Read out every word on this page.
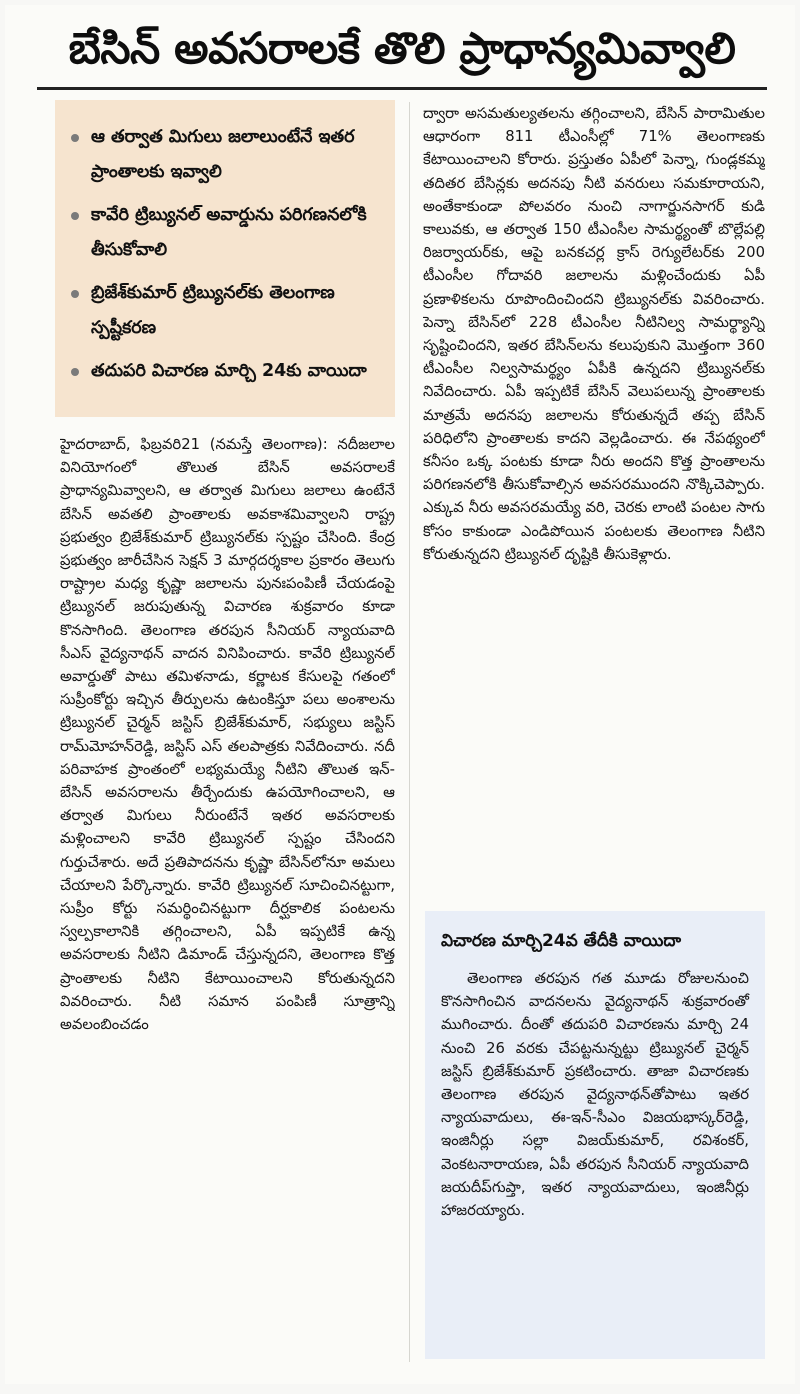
బేసిన్ అవసరాలకే తొలి ప్రాధాన్యమివ్వాలి
ఆ తర్వాత మిగులు జలాలుంటేనే ఇతర ప్రాంతాలకు ఇవ్వాలి
కావేరి ట్రిబ్యునల్ అవార్డును పరిగణనలోకి తీసుకోవాలి
బ్రిజేశ్‌కుమార్ ట్రిబ్యునల్‌కు తెలంగాణ స్పష్టీకరణ
తదుపరి విచారణ మార్చి 24కు వాయిదా

హైదరాబాద్, ఫిబ్రవరి21 (నమస్తే తెలంగాణ): నదీజలాల వినియోగంలో తొలుత బేసిన్ అవసరాలకే ప్రాధాన్యమివ్వాలని, ఆ తర్వాత మిగులు జలాలు ఉంటేనే బేసిన్ అవతలి ప్రాంతాలకు అవకాశమివ్వాలని రాష్ట్ర ప్రభుత్వం బ్రిజేశ్‌కుమార్ ట్రిబ్యునల్‌కు స్పష్టం చేసింది. కేంద్ర ప్రభుత్వం జారీచేసిన సెక్షన్ 3 మార్గదర్శకాల ప్రకారం తెలుగు రాష్ట్రాల మధ్య కృష్ణా జలాలను పునఃపంపిణీ చేయడంపై ట్రిబ్యునల్ జరుపుతున్న విచారణ శుక్రవారం కూడా కొనసాగింది. తెలంగాణ తరపున సీనియర్ న్యాయవాది సీఎస్ వైద్యనాథన్ వాదన వినిపించారు. కావేరి ట్రిబ్యునల్ అవార్డుతో పాటు తమిళనాడు, కర్ణాటక కేసులపై గతంలో సుప్రీంకోర్టు ఇచ్చిన తీర్పులను ఉటంకిస్తూ పలు అంశాలను ట్రిబ్యునల్ చైర్మన్ జస్టిస్ బ్రిజేశ్‌కుమార్, సభ్యులు జస్టిస్ రామ్‌మోహన్‌రెడ్డి, జస్టిస్ ఎస్ తలపాత్రకు నివేదించారు. నదీ పరివాహక ప్రాంతంలో లభ్యమయ్యే నీటిని తొలుత ఇన్-బేసిన్ అవసరాలను తీర్చేందుకు ఉపయోగించాలని, ఆ తర్వాత మిగులు నీరుంటేనే ఇతర అవసరాలకు మళ్లించాలని కావేరి ట్రిబ్యునల్ స్పష్టం చేసిందని గుర్తుచేశారు. అదే ప్రతిపాదనను కృష్ణా బేసిన్‌లోనూ అమలు చేయాలని పేర్కొన్నారు. కావేరి ట్రిబ్యునల్ సూచించినట్టుగా, సుప్రీం కోర్టు సమర్థించినట్టుగా దీర్ఘకాలిక పంటలను స్వల్పకాలానికి తగ్గించాలని, ఏపీ ఇప్పటికే ఉన్న అవసరాలకు నీటిని డిమాండ్ చేస్తున్నదని, తెలంగాణ కొత్త ప్రాంతాలకు నీటిని కేటాయించాలని కోరుతున్నదని వివరించారు. నీటి సమాన పంపిణీ సూత్రాన్ని అవలంబించడం

ద్వారా అసమతుల్యతలను తగ్గించాలని, బేసిన్ పారామితుల ఆధారంగా 811 టీఎంసీల్లో 71% తెలంగాణకు కేటాయించాలని కోరారు. ప్రస్తుతం ఏపీలో పెన్నా, గుండ్లకమ్మ తదితర బేసిన్లకు అదనపు నీటి వనరులు సమకూరాయని, అంతేకాకుండా పోలవరం నుంచి నాగార్జునసాగర్ కుడి కాలువకు, ఆ తర్వాత 150 టీఎంసీల సామర్థ్యంతో బొల్లేపల్లి రిజర్వాయర్‌కు, ఆపై బనకచర్ల క్రాస్ రెగ్యులేటర్‌కు 200 టీఎంసీల గోదావరి జలాలను మళ్లించేందుకు ఏపీ ప్రణాళికలను రూపొందించిందని ట్రిబ్యునల్‌కు వివరించారు. పెన్నా బేసిన్‌లో 228 టీఎంసీల నీటినిల్వ సామర్థ్యాన్ని సృష్టించిందని, ఇతర బేసిన్‌లను కలుపుకుని మొత్తంగా 360 టీఎంసీల నిల్వసామర్థ్యం ఏపీకి ఉన్నదని ట్రిబ్యునల్‌కు నివేదించారు. ఏపీ ఇప్పటికే బేసిన్ వెలుపలున్న ప్రాంతాలకు మాత్రమే అదనపు జలాలను కోరుతున్నదే తప్ప బేసిన్ పరిధిలోని ప్రాంతాలకు కాదని వెల్లడించారు. ఈ నేపథ్యంలో కనీసం ఒక్క పంటకు కూడా నీరు అందని కొత్త ప్రాంతాలను పరిగణనలోకి తీసుకోవాల్సిన అవసరముందని నొక్కిచెప్పారు. ఎక్కువ నీరు అవసరమయ్యే వరి, చెరకు లాంటి పంటల సాగు కోసం కాకుండా ఎండిపోయిన పంటలకు తెలంగాణ నీటిని కోరుతున్నదని ట్రిబ్యునల్ దృష్టికి తీసుకెళ్లారు.

విచారణ మార్చి24వ తేదీకి వాయిదా
తెలంగాణ తరపున గత మూడు రోజులనుంచి కొనసాగించిన వాదనలను వైద్యనాథన్ శుక్రవారంతో ముగించారు. దీంతో తదుపరి విచారణను మార్చి 24 నుంచి 26 వరకు చేపట్టనున్నట్టు ట్రిబ్యునల్ చైర్మన్ జస్టిస్ బ్రిజేశ్‌కుమార్ ప్రకటించారు. తాజా విచారణకు తెలంగాణ తరపున వైద్యనాథన్‌తోపాటు ఇతర న్యాయవాదులు, ఈ-ఇన్-సీఎం విజయభాస్కర్‌రెడ్డి, ఇంజినీర్లు సల్లా విజయ్‌కుమార్, రవిశంకర్, వెంకటనారాయణ, ఏపీ తరపున సీనియర్ న్యాయవాది జయదీప్‌గుప్తా, ఇతర న్యాయవాదులు, ఇంజినీర్లు హాజరయ్యారు.
